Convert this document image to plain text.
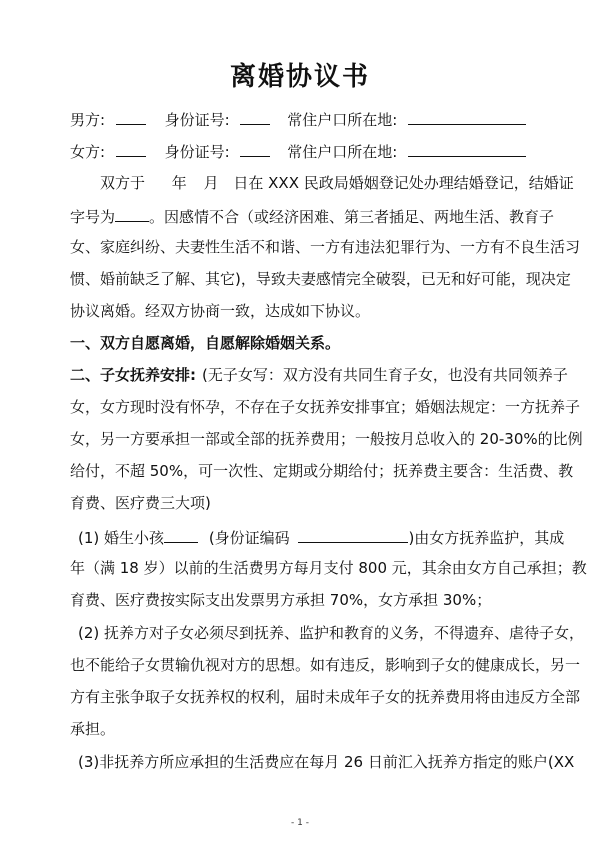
离婚协议书
男方:	身份证号:	常住户口所在地:
女方:	身份证号:	常住户口所在地:
双方于 年 月 日在 XXX 民政局婚姻登记处办理结婚登记，结婚证
字号为 。因感情不合（或经济困难、第三者插足、两地生活、教育子
女、家庭纠纷、夫妻性生活不和谐、一方有违法犯罪行为、一方有不良生活习
惯、婚前缺乏了解、其它)，导致夫妻感情完全破裂，已无和好可能，现决定
协议离婚。经双方协商一致，达成如下协议。
一、双方自愿离婚，自愿解除婚姻关系。
二、子女抚养安排: (无子女写：双方没有共同生育子女，也没有共同领养子
女，女方现时没有怀孕，不存在子女抚养安排事宜；婚姻法规定：一方抚养子
女，另一方要承担一部或全部的抚养费用；一般按月总收入的 20-30%的比例
给付，不超 50%，可一次性、定期或分期给付；抚养费主要含：生活费、教
育费、医疗费三大项)
(1) 婚生小孩	(身份证编码	)由女方抚养监护，其成
年（满 18 岁）以前的生活费男方每月支付 800 元，其余由女方自己承担；教
育费、医疗费按实际支出发票男方承担 70%，女方承担 30%；
(2) 抚养方对子女必须尽到抚养、监护和教育的义务，不得遗弃、虐待子女，
也不能给子女贯输仇视对方的思想。如有违反，影响到子女的健康成长，另一
方有主张争取子女抚养权的权利，届时未成年子女的抚养费用将由违反方全部
承担。
(3)非抚养方所应承担的生活费应在每月 26 日前汇入抚养方指定的账户(XX
- 1 -
